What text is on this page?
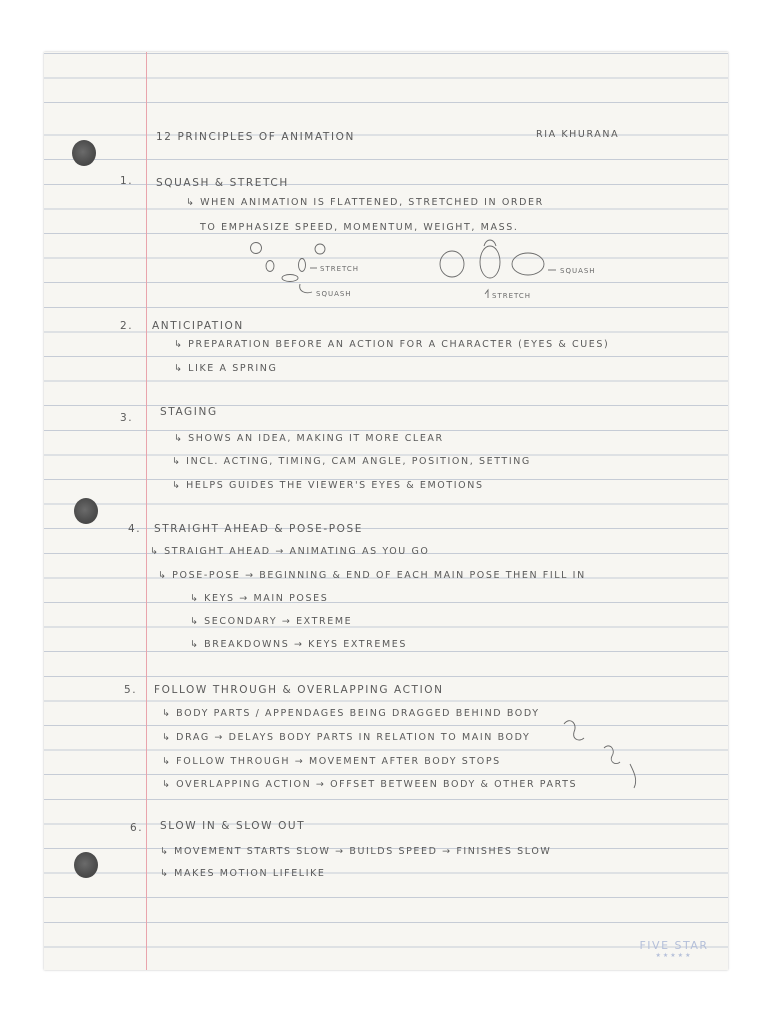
12 PRINCIPLES OF ANIMATION	RIA KHURANA

1. SQUASH & STRETCH

↳ WHEN ANIMATION IS FLATTENED, STRETCHED IN ORDER

TO EMPHASIZE SPEED, MOMENTUM, WEIGHT, MASS.

STRETCH
SQUASH
SQUASH
STRETCH

2. ANTICIPATION

↳ PREPARATION BEFORE AN ACTION FOR A CHARACTER (EYES & CUES)

↳ LIKE A SPRING

3.	STAGING

↳ SHOWS AN IDEA, MAKING IT MORE CLEAR

↳ INCL. ACTING, TIMING, CAM ANGLE, POSITION, SETTING

↳ HELPS GUIDES THE VIEWER'S EYES & EMOTIONS

4. STRAIGHT AHEAD & POSE-POSE

↳ STRAIGHT AHEAD → ANIMATING AS YOU GO

↳ POSE-POSE → BEGINNING & END OF EACH MAIN POSE THEN FILL IN

↳ KEYS → MAIN POSES

↳ SECONDARY → EXTREME

↳ BREAKDOWNS → KEYS EXTREMES

5. FOLLOW THROUGH & OVERLAPPING ACTION

↳ BODY PARTS / APPENDAGES BEING DRAGGED BEHIND BODY

↳ DRAG → DELAYS BODY PARTS IN RELATION TO MAIN BODY

↳ FOLLOW THROUGH → MOVEMENT AFTER BODY STOPS

↳ OVERLAPPING ACTION → OFFSET BETWEEN BODY & OTHER PARTS

6. SLOW IN & SLOW OUT

↳ MOVEMENT STARTS SLOW → BUILDS SPEED → FINISHES SLOW

↳ MAKES MOTION LIFELIKE

FIVE STAR
★★★★★
